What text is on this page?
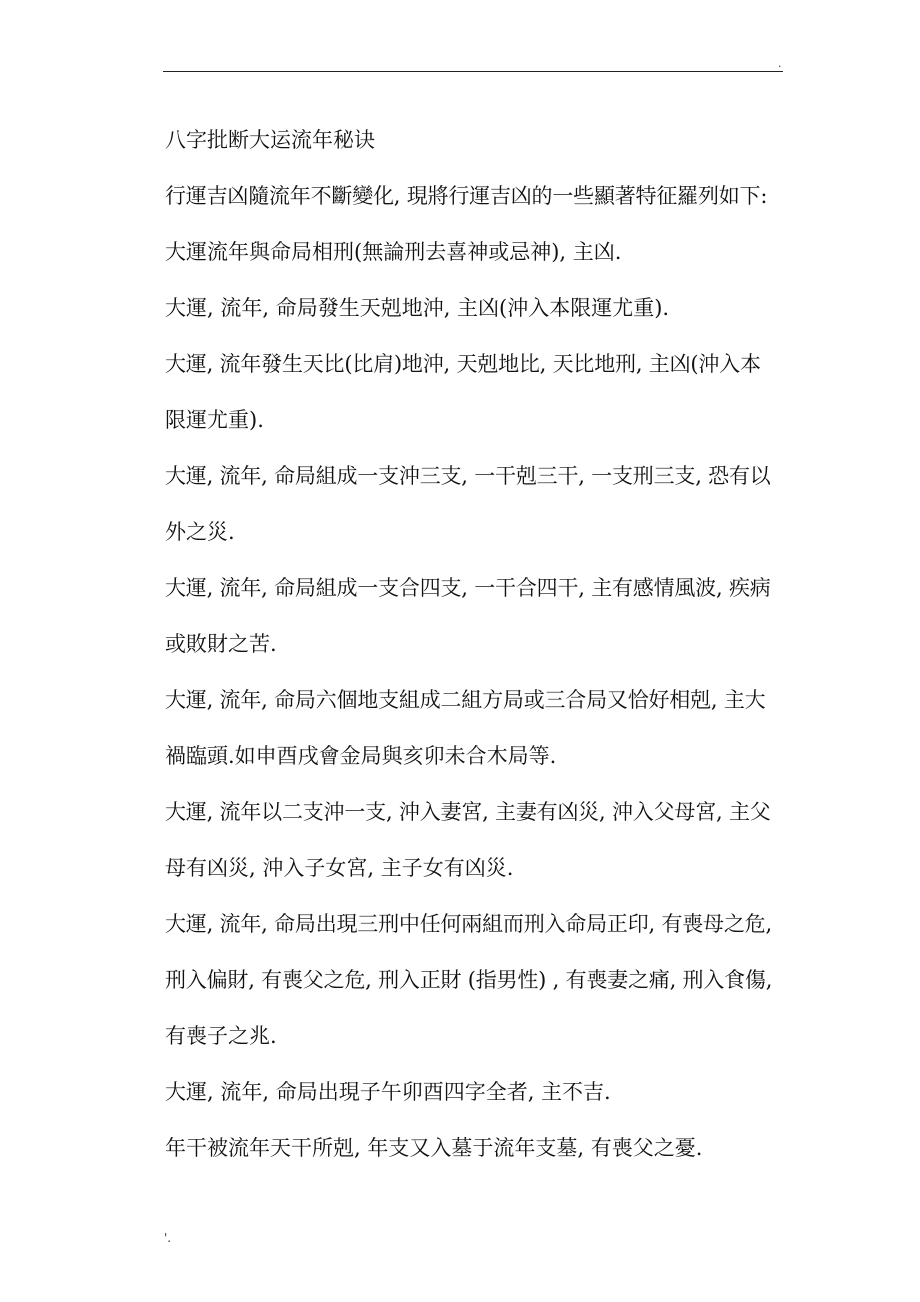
.
八字批断大运流年秘诀
行運吉凶隨流年不斷變化, 現將行運吉凶的一些顯著特征羅列如下:
大運流年與命局相刑(無論刑去喜神或忌神), 主凶.
大運, 流年, 命局發生天剋地沖, 主凶(沖入本限運尤重).
大運, 流年發生天比(比肩)地沖, 天剋地比, 天比地刑, 主凶(沖入本
限運尤重).
大運, 流年, 命局組成一支沖三支, 一干剋三干, 一支刑三支, 恐有以
外之災.
大運, 流年, 命局組成一支合四支, 一干合四干, 主有感情風波, 疾病
或敗財之苦.
大運, 流年, 命局六個地支組成二組方局或三合局又恰好相剋, 主大
禍臨頭.如申酉戌會金局與亥卯未合木局等.
大運, 流年以二支沖一支, 沖入妻宮, 主妻有凶災, 沖入父母宮, 主父
母有凶災, 沖入子女宮, 主子女有凶災.
大運, 流年, 命局出現三刑中任何兩組而刑入命局正印, 有喪母之危,
刑入偏財, 有喪父之危, 刑入正財 (指男性) , 有喪妻之痛, 刑入食傷,
有喪子之兆.
大運, 流年, 命局出現子午卯酉四字全者, 主不吉.
年干被流年天干所剋, 年支又入墓于流年支墓, 有喪父之憂.
'.
